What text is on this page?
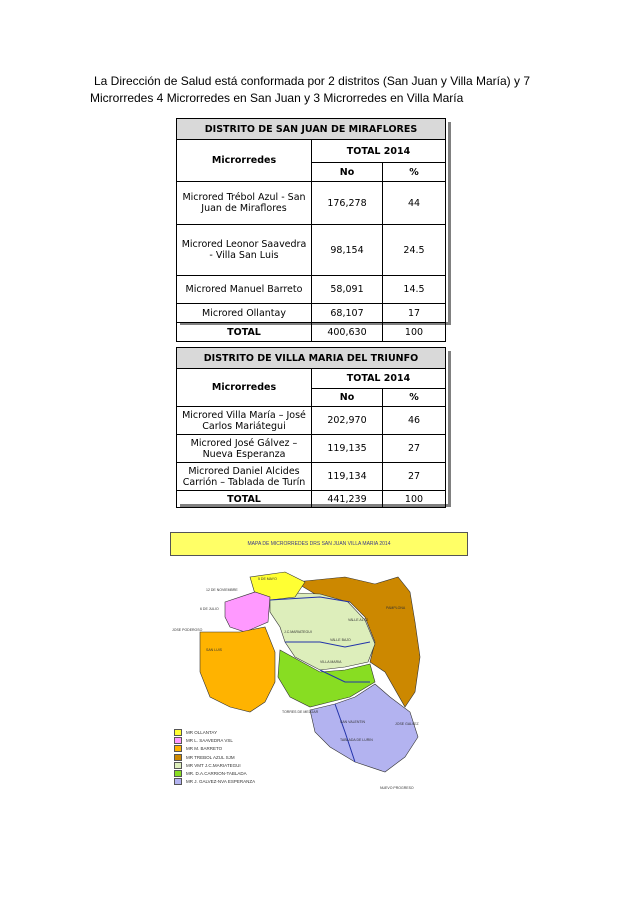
La Dirección de Salud está conformada por 2 distritos (San Juan y Villa María) y 7

Microrredes 4 Microrredes en San Juan y 3 Microrredes en Villa María

DISTRITO DE SAN JUAN DE MIRAFLORES		
Microrredes	TOTAL 2014	
	No	%
Microred Trébol Azul - San Juan de Miraflores	176,278	44
Microred Leonor Saavedra - Villa San Luis	98,154	24.5
Microred Manuel Barreto	58,091	14.5
Microred Ollantay	68,107	17
TOTAL	400,630	100
DISTRITO DE VILLA MARIA DEL TRIUNFO		
Microrredes	TOTAL 2014	
	No	%
Microred Villa María – José Carlos Mariátegui	202,970	46
Microred José Gálvez – Nueva Esperanza	119,135	27
Microred Daniel Alcides Carrión – Tablada de Turín	119,134	27
TOTAL	441,239	100
MAPA DE MICRORREDES DRS SAN JUAN VILLA MARIA 2014
MR OLLANTAY
MR L. SAAVEDRA VSL
MR M. BARRETO
MR TREBOL AZUL SJM
MR VMT J.C.MARIATEGUI
MR. D.A.CARRION-TABLADA
MR J. GALVEZ-NVA ESPERANZA
5 DE MAYO
12 DE NOVIEMBRE
6 DE JULIO
JOSE PODEROSO
SAN LUIS
PAMPLONA
VALLE ALTO
VALLE BAJO
VILLA MARIA
J.C.MARIATEGUI
TORRES DE MELGAR
TABLADA DE LURIN
NUEVO PROGRESO
JOSE GALVEZ
SAN VALENTIN
